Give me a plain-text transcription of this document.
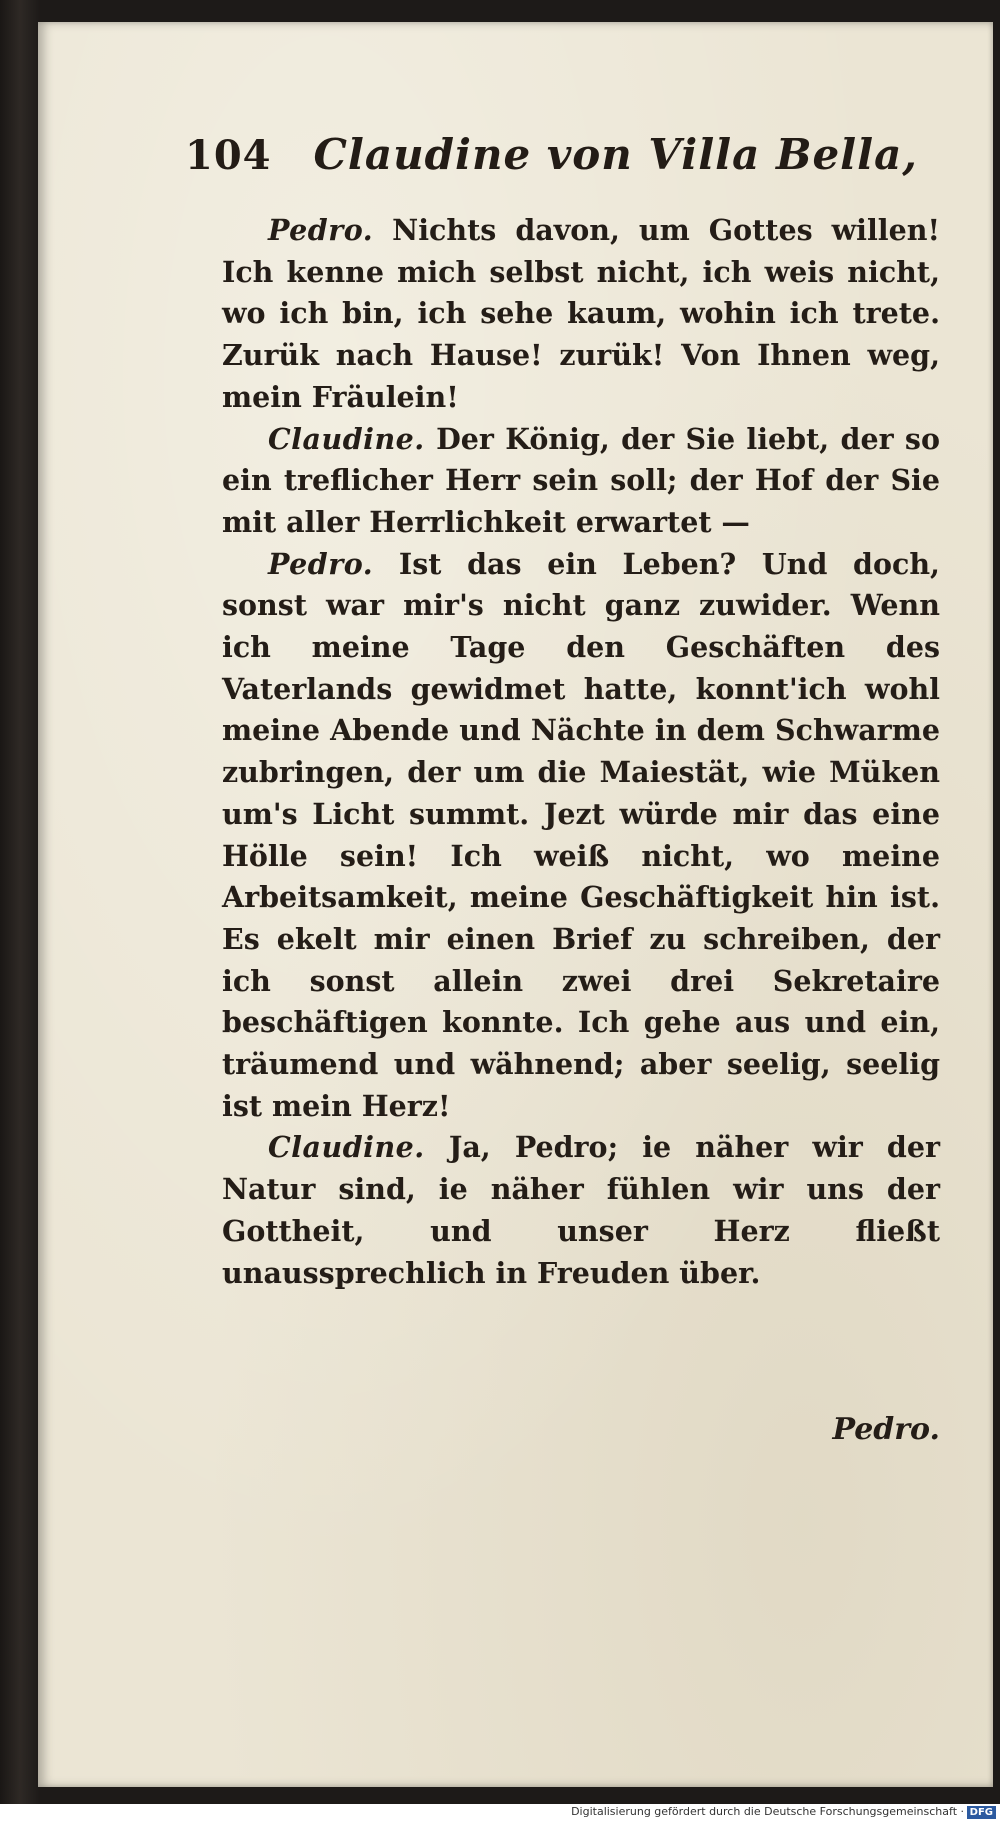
104 Claudine von Villa Bella,

Pedro. Nichts davon, um Gottes willen! Ich kenne mich selbst nicht, ich weis nicht, wo ich bin, ich sehe kaum, wohin ich trete. Zurük nach Hause! zurük! Von Ihnen weg, mein Fräulein!

Claudine. Der König, der Sie liebt, der so ein treflicher Herr sein soll; der Hof der Sie mit aller Herrlichkeit erwartet —

Pedro. Ist das ein Leben? Und doch, sonst war mir's nicht ganz zuwider. Wenn ich meine Tage den Geschäften des Vaterlands gewidmet hatte, konnt'ich wohl meine Abende und Nächte in dem Schwarme zubringen, der um die Maiestät, wie Müken um's Licht summt. Jezt würde mir das eine Hölle sein! Ich weiß nicht, wo meine Arbeitsamkeit, meine Geschäftigkeit hin ist. Es ekelt mir einen Brief zu schreiben, der ich sonst allein zwei drei Sekretaire beschäftigen konnte. Ich gehe aus und ein, träumend und wähnend; aber seelig, seelig ist mein Herz!

Claudine. Ja, Pedro; ie näher wir der Natur sind, ie näher fühlen wir uns der Gottheit, und unser Herz fließt unaussprechlich in Freuden über.

Pedro.
Digitalisierung gefördert durch die Deutsche Forschungsgemeinschaft · DFG
